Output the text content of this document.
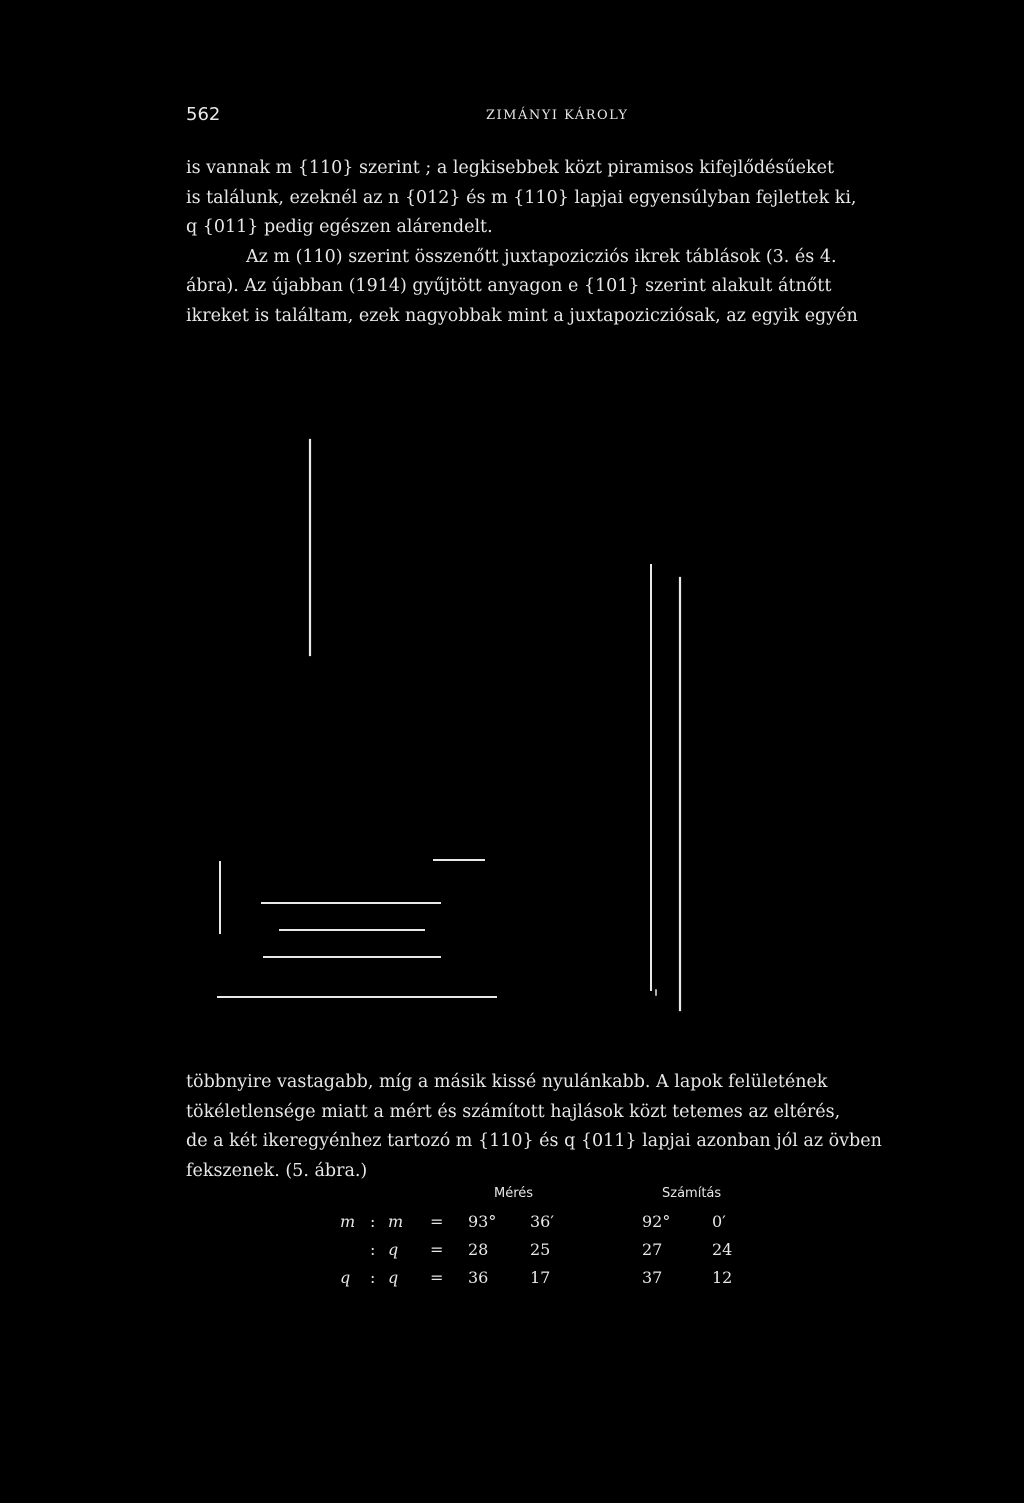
562	ZIMÁNYI KÁROLY
is vannak m {110} szerint ; a legkisebbek közt piramisos kifejlődésűeket
is találunk, ezeknél az n {012} és m {110} lapjai egyensúlyban fejlettek ki,
q {011} pedig egészen alárendelt.
Az m (110) szerint összenőtt juxtapozicziós ikrek táblások (3. és 4.
ábra). Az újabban (1914) gyűjtött anyagon e {101} szerint alakult átnőtt
ikreket is találtam, ezek nagyobbak mint a juxtapozicziósak, az egyik egyén
többnyire vastagabb, míg a másik kissé nyulánkabb. A lapok felületének
tökéletlensége miatt a mért és számított hajlások közt tetemes az eltérés,
de a két ikeregyénhez tartozó m {110} és q {011} lapjai azonban jól az övben
fekszenek. (5. ábra.)
Mérés	Számítás
m : m = 93° 36′	92°	0′
: q = 28	25	27	24
q : q = 36	17	37	12
